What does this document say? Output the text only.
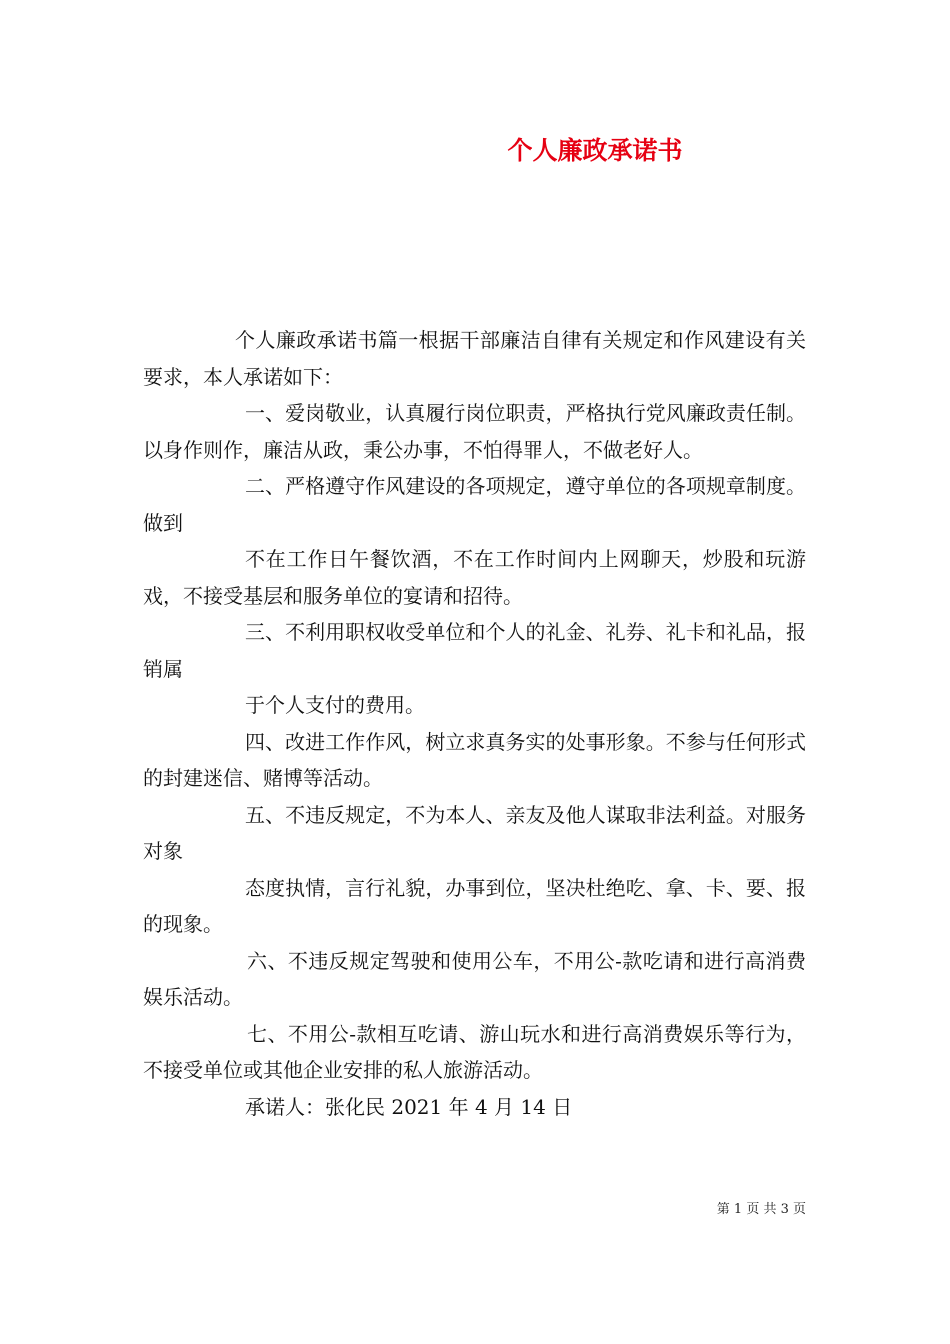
个人廉政承诺书

个人廉政承诺书篇一根据干部廉洁自律有关规定和作风建设有关要求，本人承诺如下：

一、爱岗敬业，认真履行岗位职责，严格执行党风廉政责任制。以身作则作，廉洁从政，秉公办事，不怕得罪人，不做老好人。

二、严格遵守作风建设的各项规定，遵守单位的各项规章制度。做到

不在工作日午餐饮酒，不在工作时间内上网聊天，炒股和玩游戏，不接受基层和服务单位的宴请和招待。

三、不利用职权收受单位和个人的礼金、礼券、礼卡和礼品，报销属

于个人支付的费用。

四、改进工作作风，树立求真务实的处事形象。不参与任何形式的封建迷信、赌博等活动。

五、不违反规定，不为本人、亲友及他人谋取非法利益。对服务对象

态度执情，言行礼貌，办事到位，坚决杜绝吃、拿、卡、要、报的现象。

六、不违反规定驾驶和使用公车，不用公-款吃请和进行高消费娱乐活动。

七、不用公-款相互吃请、游山玩水和进行高消费娱乐等行为，不接受单位或其他企业安排的私人旅游活动。

承诺人：张化民 2021 年 4 月 14 日

第 1 页 共 3 页
